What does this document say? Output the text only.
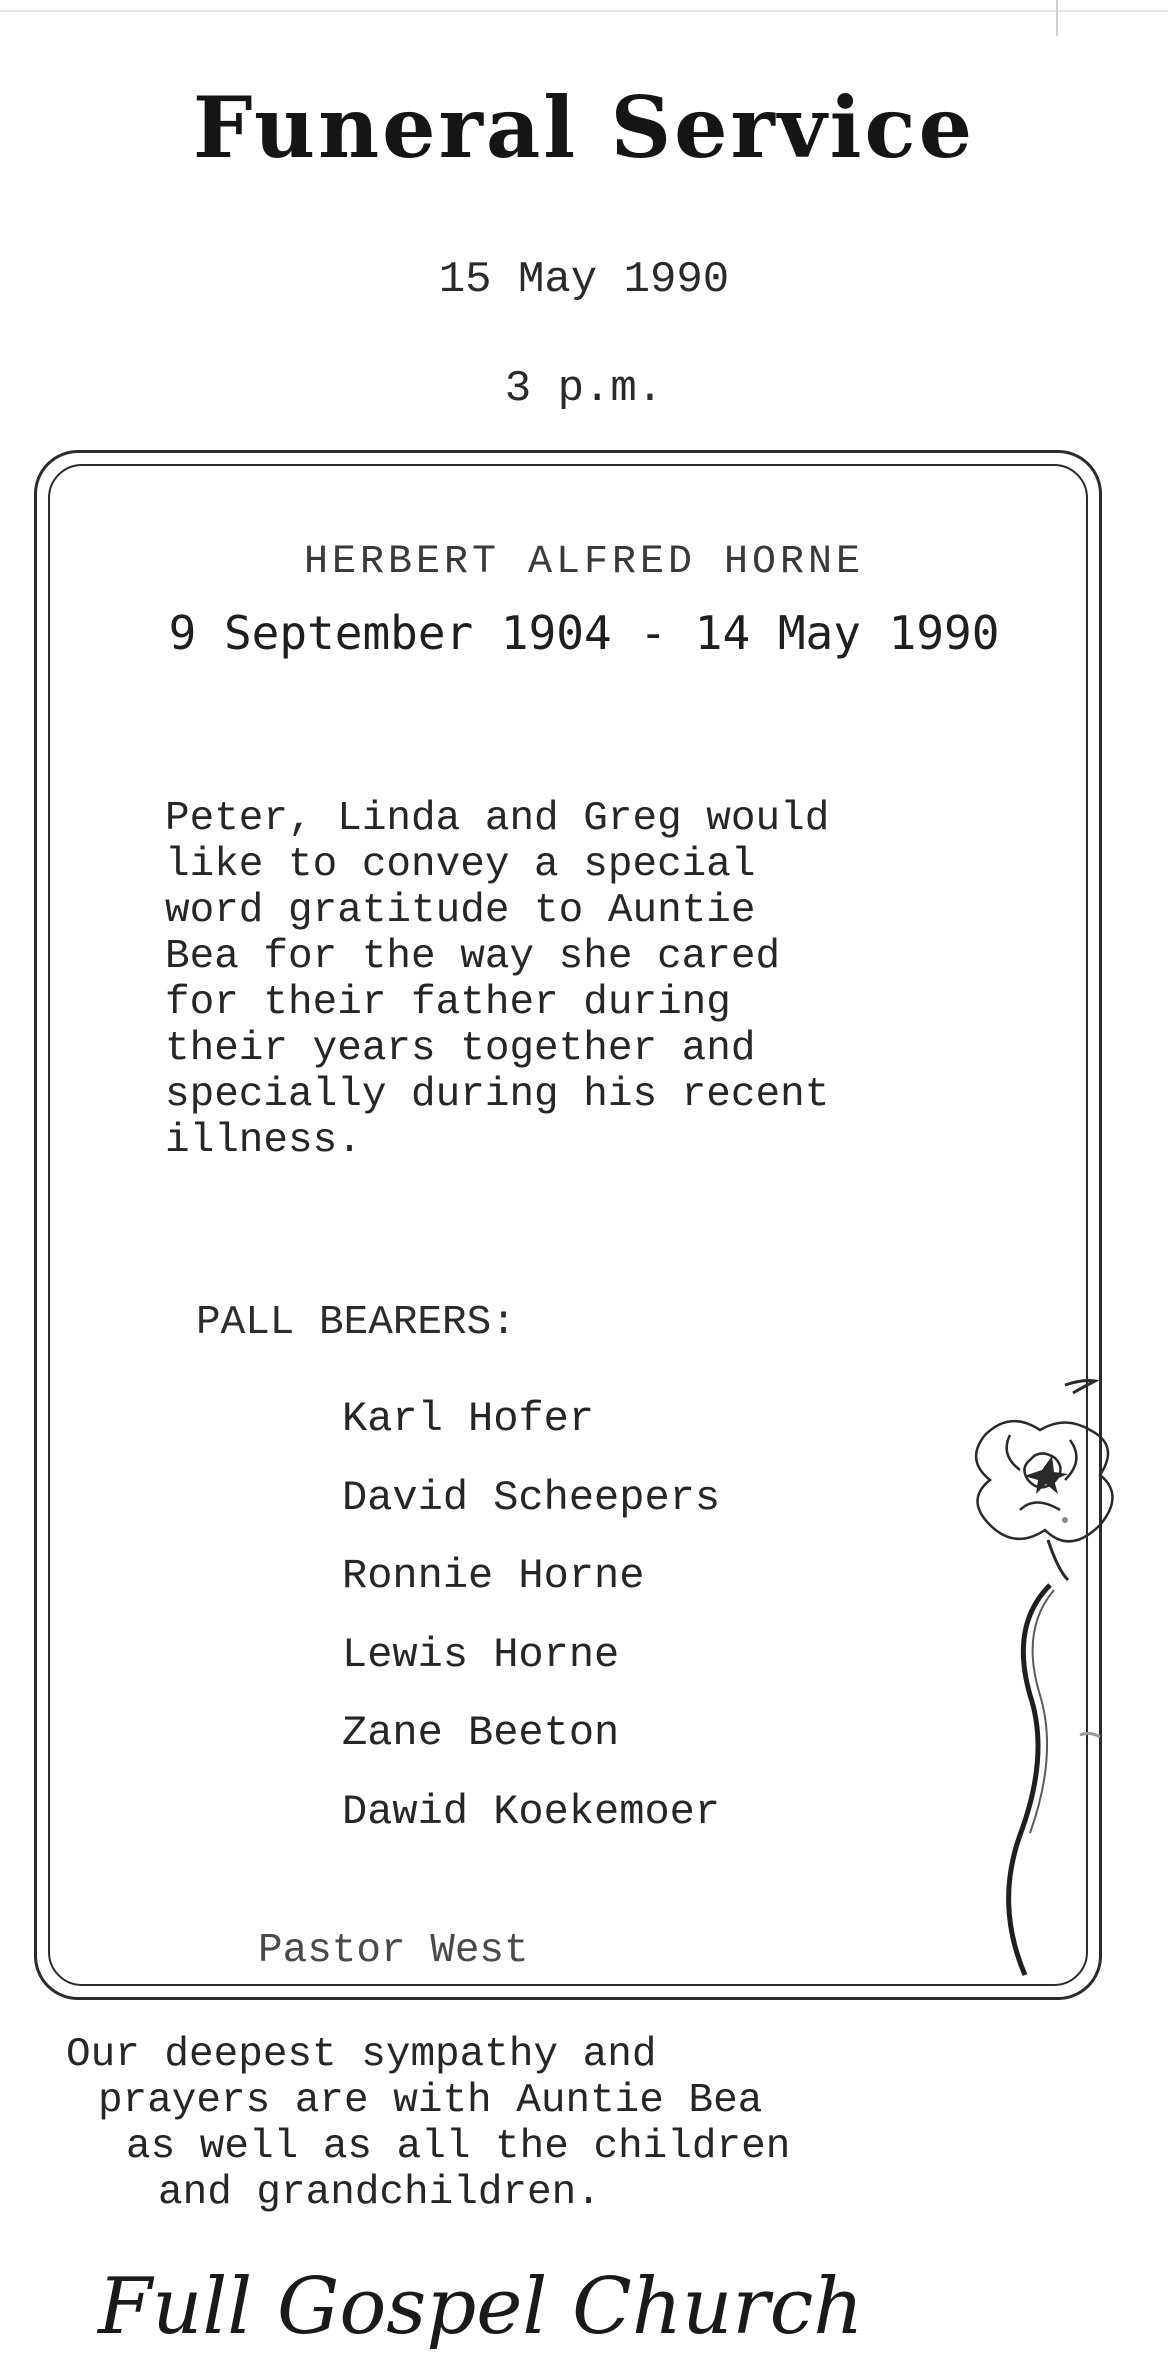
Funeral Service
15 May 1990
3 p.m.
HERBERT ALFRED HORNE
9 September 1904 - 14 May 1990
Peter, Linda and Greg would
like to convey a special
word gratitude to Auntie
Bea for the way she cared
for their father during
their years together and
specially during his recent
illness.
PALL BEARERS:
Karl Hofer
David Scheepers
Ronnie Horne
Lewis Horne
Zane Beeton
Dawid Koekemoer
Pastor West
Our deepest sympathy and
prayers are with Auntie Bea
as well as all the children
and grandchildren.
Full Gospel Church
